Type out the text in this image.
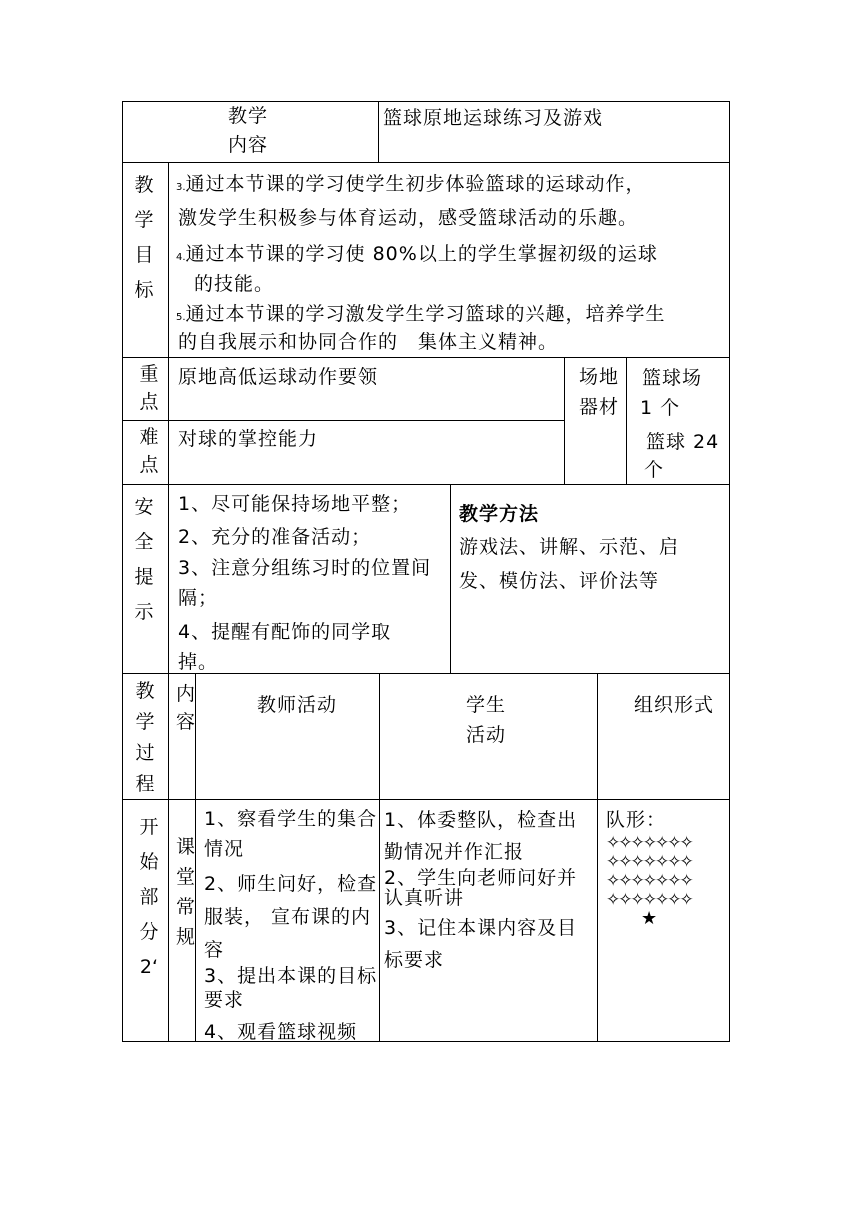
教学内容
篮球原地运球练习及游戏
教学目标
3.通过本节课的学习使学生初步体验篮球的运球动作，
激发学生积极参与体育运动，感受篮球活动的乐趣。
4.通过本节课的学习使 80%以上的学生掌握初级的运球
的技能。
5.通过本节课的学习激发学生学习篮球的兴趣，培养学生
的自我展示和协同合作的　集体主义精神。
重点
原地高低运球动作要领
难点
对球的掌控能力
场地器材
篮球场
1 个
篮球 24
个
安全提示
1、尽可能保持场地平整；
2、充分的准备活动；
3、注意分组练习时的位置间隔；
4、提醒有配饰的同学取掉。
教学方法
游戏法、讲解、示范、启发、模仿法、评价法等
教学过程
内容
教师活动	学生
活动
组织形式
开始部分2‘
课堂常规
1、察看学生的集合情况
2、师生问好，检查服装， 宣布课的内容
3、提出本课的目标要求
4、观看篮球视频
1、体委整队，检查出勤情况并作汇报
2、学生向老师问好并认真听讲
3、记住本课内容及目标要求
队形：
✧✧✧✧✧✧✧
✧✧✧✧✧✧✧
✧✧✧✧✧✧✧
✧✧✧✧✧✧✧
★
